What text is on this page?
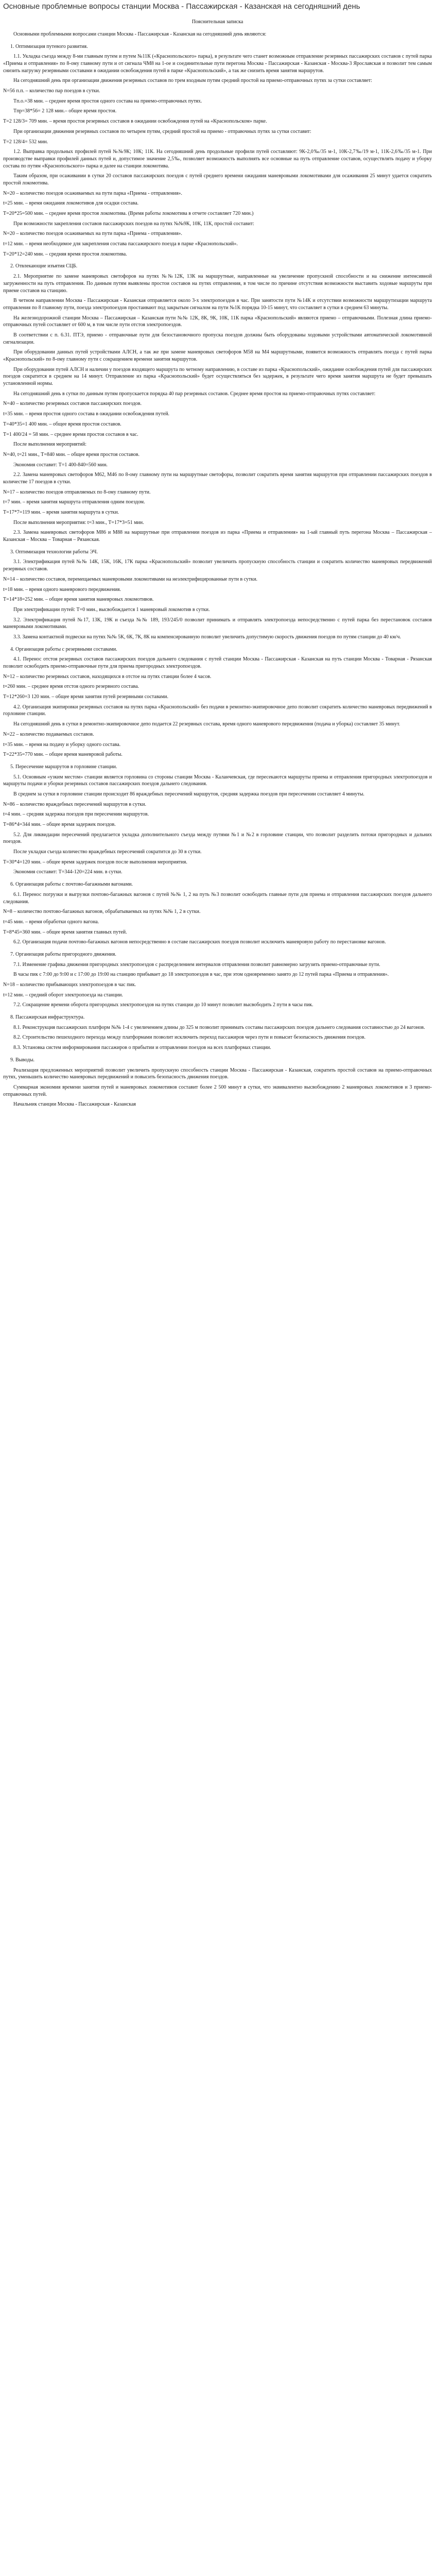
Основные проблемные вопросы станции Москва - Пассажирская - Казанская на сегодняшний день
Пояснительная записка
Основными проблемными вопросами станции Москва - Пассажирская - Казанская на сегодняшний день являются:
1. Оптимизация путевого развития.
1.1. Укладка съезда между 8-ми главным путем и путем №11К («Краснопольского» парка), в результате чего станет возможным отправление резервных пассажирских составов с путей парка «Приема и отправления» по 8-ому главному пути и от сигнала ЧМ8 на 1-ое и соединительные пути перегона Москва - Пассажирская - Казанская - Москва-3 Ярославская и позволит тем самым снизить нагрузку резервными составами в ожидании освобождения путей в парке «Краснопольский», а так же снизить время занятия маршрутов.
На сегодняшний день при организации движения резервных составов по трем входным путям средний простой на приемо-отправочных путях за сутки составляет:
N=56 п.п. – количество пар поездов в сутки.
Tп.о.=38 мин. – среднее время простоя одного состава на приемо-отправочных путях.
Tпр=38*56= 2 128 мин.– общее время простоя.
Т=2 128/3= 709 мин. – время простоя резервных составов в ожидании освобождения путей на «Краснопольском» парке.
При организации движения резервных составов по четырем путям, средний простой на приемо - отправочных путях за сутки составит:
Т=2 128/4= 532 мин.
1.2. Выправка продольных профилей путей №№9К; 10К; 11К. На сегодняшний день продольные профили путей составляют: 9К-2,0‰/35 м-1, 10К-2,7‰/19 м-1, 11К-2,6‰/35 м-1. При производстве выправки профилей данных путей и, допустимое значение 2,5‰, позволяет возможность выполнять все основные на путь отправление составов, осуществлять подачу и уборку состава по путям «Краснопольского» парка и далее на станции локомотива.
Таким образом, при осаживании в сутки 20 составов пассажирских поездов с путей среднего времени ожидания маневровыми локомотивами для осаживания 25 минут удается сократить простой локомотива.
N=20 – количество поездов осаживаемых на пути парка «Приема - отправления».
t=25 мин. – время ожидания локомотивов для осадки состава.
Т=20*25=500 мин. – среднее время простоя локомотива. (Время работы локомотива в отчете составляет 720 мин.)
При возможности закрепления составов пассажирских поездов на путях №№9К, 10К, 11К, простой составит:
N=20 – количество поездов осаживаемых на пути парка «Приема - отправления».
t=12 мин. – время необходимое для закрепления состава пассажирского поезда в парке «Краснопольский».
Т=20*12=240 мин. – средняя время простоя локомотива.
2. Отвлекающие изъятия СЦБ.
2.1. Мероприятие по замене маневровых светофоров на путях №№12К, 13К на маршрутные, направленные на увеличение пропускной способности и на снижение интенсивной загруженности на путь отправления. По данным путям выявлены простои составов на путях отправления, в том числе по причине отсутствия возможности выставить ходовые маршруты при приеме составов на станцию.
В четном направлении Москва - Пассажирская - Казанская отправляется около 3-х электропоездов в час. При занятости пути №14К и отсутствии возможности маршрутизации маршрута отправления по 8 главному пути, поезда электропоездов простаивают под закрытым сигналом на пути №1К порядка 10-15 минут, что составляет в сутки в среднем 63 минуты.
На железнодорожной станции Москва – Пассажирская – Казанская пути №№ 12К, 8К, 9К, 10К, 11К парка «Краснопольский» являются приемо – отправочными. Полезная длина приемо-отправочных путей составляет от 600 м, в том числе пути отстоя электропоездов.
В соответствии с п. 6.31. ПТЭ, приемо - отправочные пути для безостановочного пропуска поездов должны быть оборудованы ходовыми устройствами автоматической локомотивной сигнализации.
При оборудовании данных путей устройствами АЛСН, а так же при замене маневровых светофоров М58 на М4 маршрутными, появится возможность отправлять поезда с путей парка «Краснопольский» по 8-ому главному пути с сокращением времени занятия маршрутов.
При оборудовании путей АЛСН и наличии у поездов входящего маршрута по четному направлению, в составе из парка «Краснопольский», ожидание освобождения путей для пассажирских поездов сократится в среднем на 14 минут. Отправление из парка «Краснопольский» будет осуществляться без задержек, в результате чего время занятия маршрута не будет превышать установленной нормы.
На сегодняшний день в сутки по данным путям пропускается порядка 40 пар резервных составов. Среднее время простоя на приемо-отправочных путях составляет:
N=40 – количество резервных составов пассажирских поездов.
t=35 мин. – время простоя одного состава в ожидании освобождения путей.
Т=40*35=1 400 мин. – общее время простоя составов.
Т=1 400/24 = 58 мин. – среднее время простоя составов в час.
После выполнения мероприятий:
N=40, t=21 мин., Т=840 мин. – общее время простоя составов.
Экономия составит: Т=1 400-840=560 мин.
2.2. Замена маневровых светофоров М62, М46 по 8-ому главному пути на маршрутные светофоры, позволит сократить время занятия маршрутов при отправлении пассажирских поездов в количестве 17 поездов в сутки.
N=17 – количество поездов отправляемых по 8-ому главному пути.
t=7 мин. – время занятия маршрута отправления одним поездом.
Т=17*7=119 мин. – время занятия маршрута в сутки.
После выполнения мероприятия: t=3 мин., Т=17*3=51 мин.
2.3. Замена маневровых светофоров М86 и М88 на маршрутные при отправлении поездов из парка «Приема и отправления» на 1-ый главный путь перегона Москва – Пассажирская – Казанская – Москва – Товарная – Рязанская.
3. Оптимизация технологии работы ЭЧ.
3.1. Электрификация путей №№ 14К, 15К, 16К, 17К парка «Краснопольский» позволит увеличить пропускную способность станции и сократить количество маневровых передвижений резервных составов.
N=14 – количество составов, перемещаемых маневровыми локомотивами на неэлектрифицированные пути в сутки.
t=18 мин. – время одного маневрового передвижения.
Т=14*18=252 мин. – общее время занятия маневровых локомотивов.
При электрификации путей: Т=0 мин., высвобождается 1 маневровый локомотив в сутки.
3.2. Электрификация путей №17, 13К, 19К и съезда №№ 189, 193/245/0 позволит принимать и отправлять электропоезда непосредственно с путей парка без перестановок составов маневровыми локомотивами.
3.3. Замена контактной подвески на путях №№ 5К, 6К, 7К, 8К на компенсированную позволит увеличить допустимую скорость движения поездов по путям станции до 40 км/ч.
4. Организация работы с резервными составами.
4.1. Перенос отстоя резервных составов пассажирских поездов дальнего следования с путей станции Москва - Пассажирская - Казанская на путь станции Москва - Товарная - Рязанская позволит освободить приемо-отправочные пути для приема пригородных электропоездов.
N=12 – количество резервных составов, находящихся в отстое на путях станции более 4 часов.
t=260 мин. – среднее время отстоя одного резервного состава.
Т=12*260=3 120 мин. – общее время занятия путей резервными составами.
4.2. Организация экипировки резервных составов на путях парка «Краснопольский» без подачи в ремонтно-экипировочное депо позволит сократить количество маневровых передвижений в горловине станции.
На сегодняшний день в сутки в ремонтно-экипировочное депо подается 22 резервных состава, время одного маневрового передвижения (подача и уборка) составляет 35 минут.
N=22 – количество подаваемых составов.
t=35 мин. – время на подачу и уборку одного состава.
Т=22*35=770 мин. – общее время маневровой работы.
5. Пересечение маршрутов в горловине станции.
5.1. Основным «узким местом» станции является горловина со стороны станции Москва - Каланчевская, где пересекаются маршруты приема и отправления пригородных электропоездов и маршруты подачи и уборки резервных составов пассажирских поездов дальнего следования.
В среднем за сутки в горловине станции происходит 86 враждебных пересечений маршрутов, средняя задержка поездов при пересечении составляет 4 минуты.
N=86 – количество враждебных пересечений маршрутов в сутки.
t=4 мин. – средняя задержка поездов при пересечении маршрутов.
Т=86*4=344 мин. – общее время задержек поездов.
5.2. Для ликвидации пересечений предлагается укладка дополнительного съезда между путями №1 и №2 в горловине станции, что позволит разделить потоки пригородных и дальних поездов.
После укладки съезда количество враждебных пересечений сократится до 30 в сутки.
Т=30*4=120 мин. – общее время задержек поездов после выполнения мероприятия.
Экономия составит: Т=344-120=224 мин. в сутки.
6. Организация работы с почтово-багажными вагонами.
6.1. Перенос погрузки и выгрузки почтово-багажных вагонов с путей №№ 1, 2 на путь №3 позволит освободить главные пути для приема и отправления пассажирских поездов дальнего следования.
N=8 – количество почтово-багажных вагонов, обрабатываемых на путях №№ 1, 2 в сутки.
t=45 мин. – время обработки одного вагона.
Т=8*45=360 мин. – общее время занятия главных путей.
6.2. Организация подачи почтово-багажных вагонов непосредственно в составе пассажирских поездов позволит исключить маневровую работу по перестановке вагонов.
7. Организация работы пригородного движения.
7.1. Изменение графика движения пригородных электропоездов с распределением интервалов отправления позволит равномерно загрузить приемо-отправочные пути.
В часы пик с 7:00 до 9:00 и с 17:00 до 19:00 на станцию прибывает до 18 электропоездов в час, при этом одновременно занято до 12 путей парка «Приема и отправления».
N=18 – количество прибывающих электропоездов в час пик.
t=12 мин. – средний оборот электропоезда на станции.
7.2. Сокращение времени оборота пригородных электропоездов на путях станции до 10 минут позволит высвободить 2 пути в часы пик.
8. Пассажирская инфраструктура.
8.1. Реконструкция пассажирских платформ №№ 1-4 с увеличением длины до 325 м позволит принимать составы пассажирских поездов дальнего следования составностью до 24 вагонов.
8.2. Строительство пешеходного перехода между платформами позволит исключить переход пассажиров через пути и повысит безопасность движения поездов.
8.3. Установка систем информирования пассажиров о прибытии и отправлении поездов на всех платформах станции.
9. Выводы.
Реализация предложенных мероприятий позволит увеличить пропускную способность станции Москва - Пассажирская - Казанская, сократить простой составов на приемо-отправочных путях, уменьшить количество маневровых передвижений и повысить безопасность движения поездов.
Суммарная экономия времени занятия путей и маневровых локомотивов составит более 2 500 минут в сутки, что эквивалентно высвобождению 2 маневровых локомотивов и 3 приемо-отправочных путей.
Начальник станции Москва - Пассажирская - Казанская
